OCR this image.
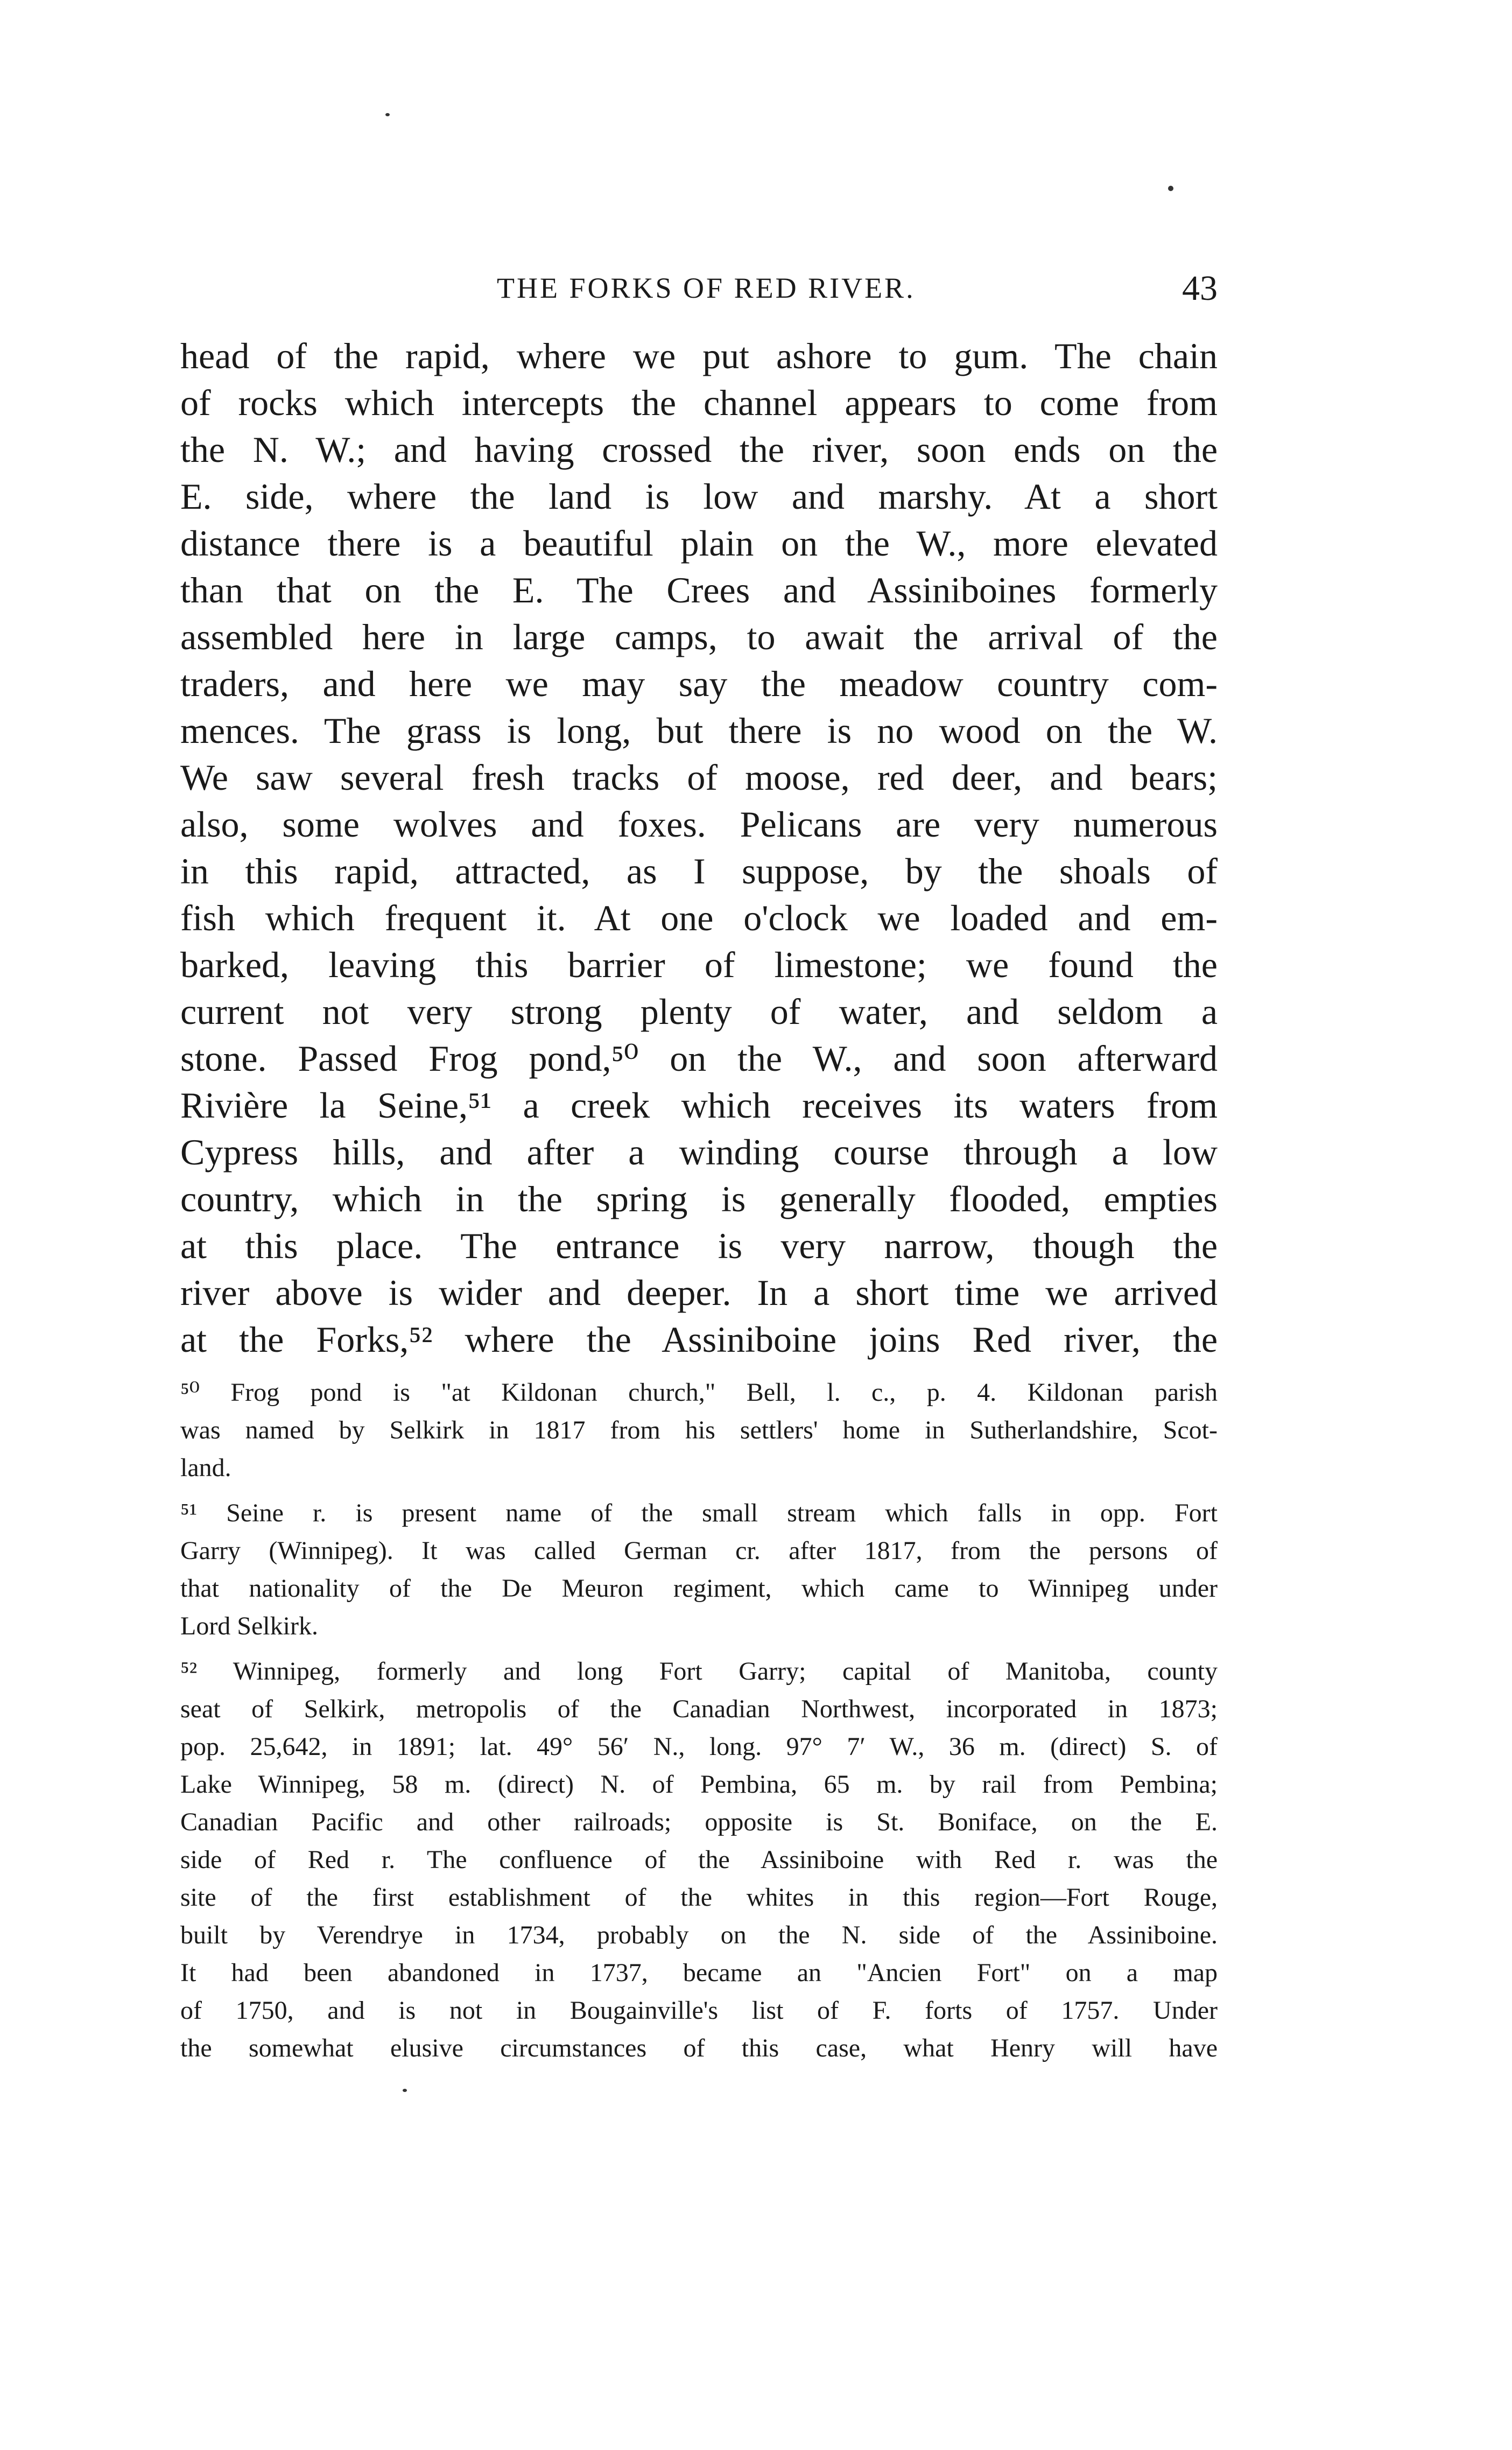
THE FORKS OF RED RIVER.	43
head of the rapid, where we put ashore to gum. The chain
of rocks which intercepts the channel appears to come from
the N. W.; and having crossed the river, soon ends on the
E. side, where the land is low and marshy. At a short
distance there is a beautiful plain on the W., more elevated
than that on the E. The Crees and Assiniboines formerly
assembled here in large camps, to await the arrival of the
traders, and here we may say the meadow country com-
mences. The grass is long, but there is no wood on the W.
We saw several fresh tracks of moose, red deer, and bears;
also, some wolves and foxes. Pelicans are very numerous
in this rapid, attracted, as I suppose, by the shoals of
fish which frequent it. At one o'clock we loaded and em-
barked, leaving this barrier of limestone; we found the
current not very strong plenty of water, and seldom a
stone. Passed Frog pond,⁵⁰ on the W., and soon afterward
Rivière la Seine,⁵¹ a creek which receives its waters from
Cypress hills, and after a winding course through a low
country, which in the spring is generally flooded, empties
at this place. The entrance is very narrow, though the
river above is wider and deeper. In a short time we arrived
at the Forks,⁵² where the Assiniboine joins Red river, the
⁵⁰ Frog pond is "at Kildonan church," Bell, l. c., p. 4. Kildonan parish
was named by Selkirk in 1817 from his settlers' home in Sutherlandshire, Scot-
land.
⁵¹ Seine r. is present name of the small stream which falls in opp. Fort
Garry (Winnipeg). It was called German cr. after 1817, from the persons of
that nationality of the De Meuron regiment, which came to Winnipeg under
Lord Selkirk.
⁵² Winnipeg, formerly and long Fort Garry; capital of Manitoba, county
seat of Selkirk, metropolis of the Canadian Northwest, incorporated in 1873;
pop. 25,642, in 1891; lat. 49° 56′ N., long. 97° 7′ W., 36 m. (direct) S. of
Lake Winnipeg, 58 m. (direct) N. of Pembina, 65 m. by rail from Pembina;
Canadian Pacific and other railroads; opposite is St. Boniface, on the E.
side of Red r. The confluence of the Assiniboine with Red r. was the
site of the first establishment of the whites in this region—Fort Rouge,
built by Verendrye in 1734, probably on the N. side of the Assiniboine.
It had been abandoned in 1737, became an "Ancien Fort" on a map
of 1750, and is not in Bougainville's list of F. forts of 1757. Under
the somewhat elusive circumstances of this case, what Henry will have
